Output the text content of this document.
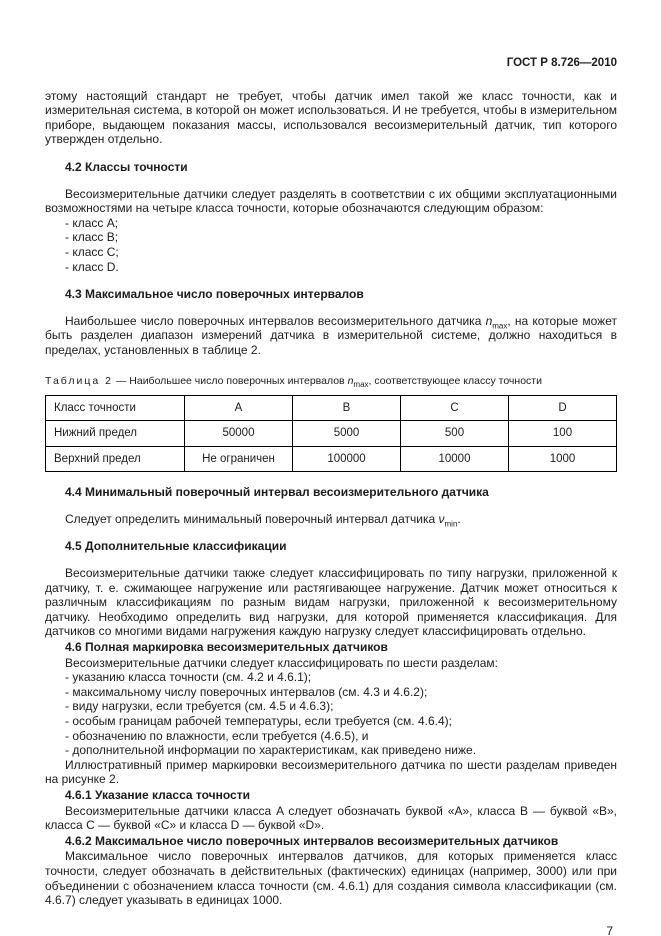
ГОСТ Р 8.726—2010

этому настоящий стандарт не требует, чтобы датчик имел такой же класс точности, как и измерительная система, в которой он может использоваться. И не требуется, чтобы в измерительном приборе, выдающем показания массы, использовался весоизмерительный датчик, тип которого утвержден отдельно.

4.2 Классы точности

Весоизмерительные датчики следует разделять в соответствии с их общими эксплуатационными возможностями на четыре класса точности, которые обозначаются следующим образом:

- класс A;
- класс B;
- класс C;
- класс D.
4.3 Максимальное число поверочных интервалов

Наибольшее число поверочных интервалов весоизмерительного датчика $n_{max}$, на которые может быть разделен диапазон измерений датчика в измерительной системе, должно находиться в пределах, установленных в таблице 2.

Таблица 2 — Наибольшее число поверочных интервалов $n_{max}$, соответствующее классу точности
Класс точности	A	B	C	D
Нижний предел	50000	5000	500	100
Верхний предел	Не ограничен	100000	10000	1000
4.4 Минимальный поверочный интервал весоизмерительного датчика

Следует определить минимальный поверочный интервал датчика $\nu_{min}$.

4.5 Дополнительные классификации

Весоизмерительные датчики также следует классифицировать по типу нагрузки, приложенной к датчику, т. е. сжимающее нагружение или растягивающее нагружение. Датчик может относиться к различным классификациям по разным видам нагрузки, приложенной к весоизмерительному датчику. Необходимо определить вид нагрузки, для которой применяется классификация. Для датчиков со многими видами нагружения каждую нагрузку следует классифицировать отдельно.

4.6 Полная маркировка весоизмерительных датчиков

Весоизмерительные датчики следует классифицировать по шести разделам:

- указанию класса точности (см. 4.2 и 4.6.1);
- максимальному числу поверочных интервалов (см. 4.3 и 4.6.2);
- виду нагрузки, если требуется (см. 4.5 и 4.6.3);
- особым границам рабочей температуры, если требуется (см. 4.6.4);
- обозначению по влажности, если требуется (4.6.5), и
- дополнительной информации по характеристикам, как приведено ниже.

Иллюстративный пример маркировки весоизмерительного датчика по шести разделам приведен на рисунке 2.

4.6.1 Указание класса точности

Весоизмерительные датчики класса A следует обозначать буквой «A», класса B — буквой «B», класса C — буквой «C» и класса D — буквой «D».

4.6.2 Максимальное число поверочных интервалов весоизмерительных датчиков

Максимальное число поверочных интервалов датчиков, для которых применяется класс точности, следует обозначать в действительных (фактических) единицах (например, 3000) или при объединении с обозначением класса точности (см. 4.6.1) для создания символа классификации (см. 4.6.7) следует указывать в единицах 1000.

7
